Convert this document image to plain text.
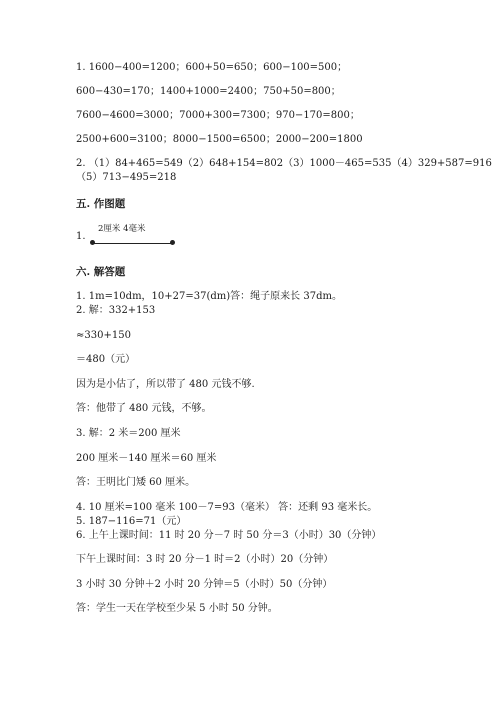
1. 1600−400=1200；600+50=650；600−100=500；
600−430=170；1400+1000=2400；750+50=800；
7600−4600=3000；7000+300=7300；970−170=800；
2500+600=3100；8000−1500=6500；2000−200=1800
2. （1）84+465=549（2）648+154=802（3）1000－465=535（4）329+587=916
（5）713−495=218
五. 作图题
1.
2厘米 4毫米
六. 解答题
1. 1m=10dm，10+27=37(dm)答：绳子原来长 37dm。
2. 解：332+153
≈330+150
＝480（元）
因为是小估了，所以带了 480 元钱不够.
答：他带了 480 元钱，不够。
3. 解：2 米＝200 厘米
200 厘米－140 厘米＝60 厘米
答：王明比门矮 60 厘米。
4. 10 厘米=100 毫米 100－7=93（毫米） 答：还剩 93 毫米长。
5. 187−116=71（元）
6. 上午上课时间：11 时 20 分－7 时 50 分＝3（小时）30（分钟）
下午上课时间：3 时 20 分－1 时＝2（小时）20（分钟）
3 小时 30 分钟＋2 小时 20 分钟＝5（小时）50（分钟）
答：学生一天在学校至少呆 5 小时 50 分钟。
